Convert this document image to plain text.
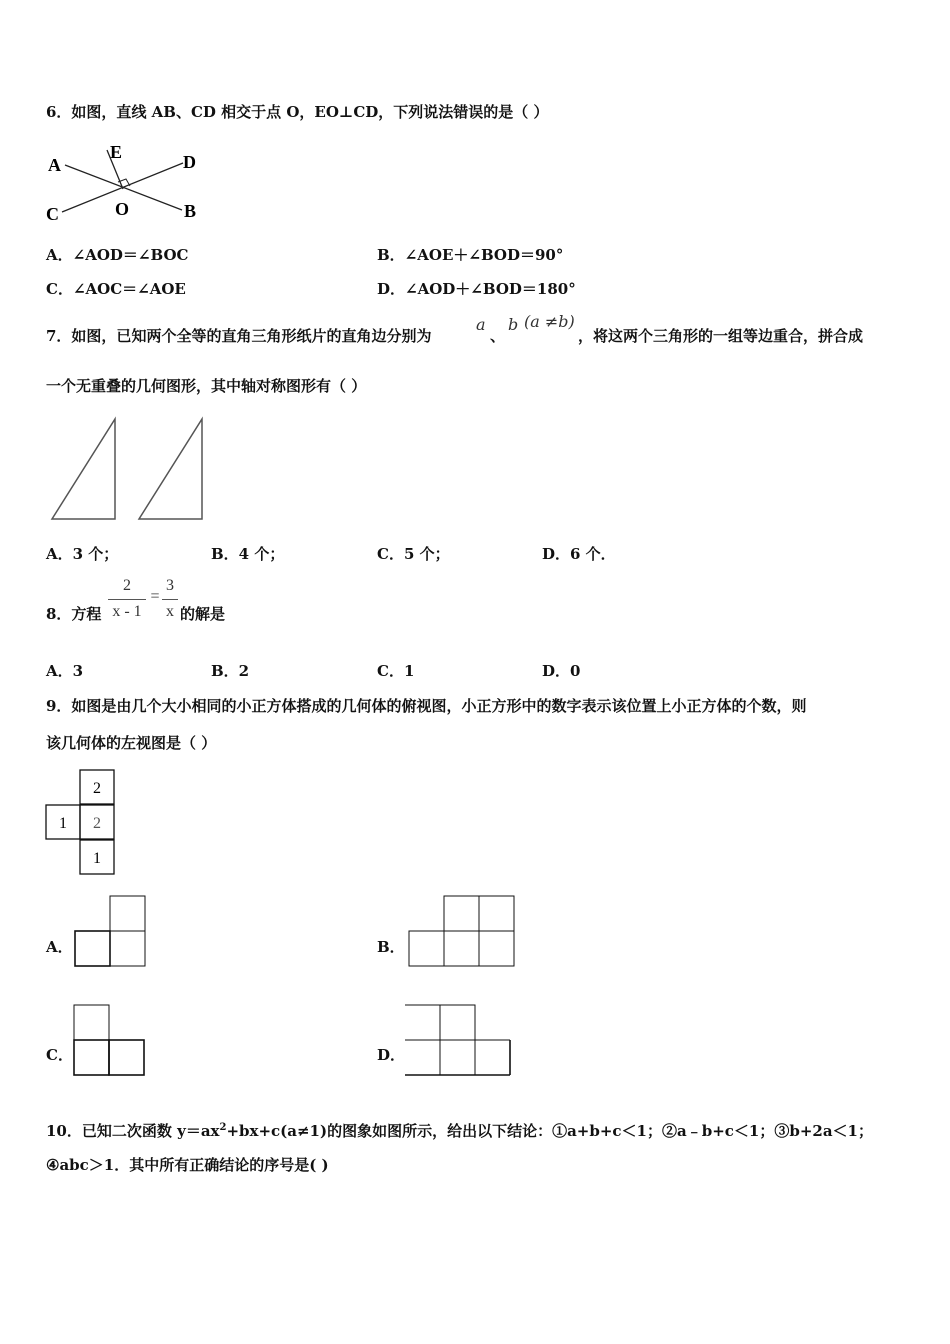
6．如图，直线 AB、CD 相交于点 O，EO⊥CD，下列说法错误的是（ ）
A
E	D
C	O	B
A．∠AOD＝∠BOC	B．∠AOE＋∠BOD＝90°
C．∠AOC＝∠AOE	D．∠AOD＋∠BOD＝180°
7．如图，已知两个全等的直角三角形纸片的直角边分别为
a
、
b (a ≠b)
，将这两个三角形的一组等边重合，拼合成
一个无重叠的几何图形，其中轴对称图形有（ ）
A．3 个；	B．4 个；	C．5 个；	D．6 个．
8．方程
2
x - 1
=
3
x 的解是
A．3	B．2	C．1	D．0
9．如图是由几个大小相同的小正方体搭成的几何体的俯视图，小正方形中的数字表示该位置上小正方体的个数，则
该几何体的左视图是（ ）
2
1 2
1
A．	B．
C．	D．
10．已知二次函数 $y=ax^2+bx+c(a\ne 1)$的图象如图所示，给出以下结论：①a+b+c＜1；②a﹣b+c＜1；③b+2a＜1；
④abc＞1．其中所有正确结论的序号是( )
